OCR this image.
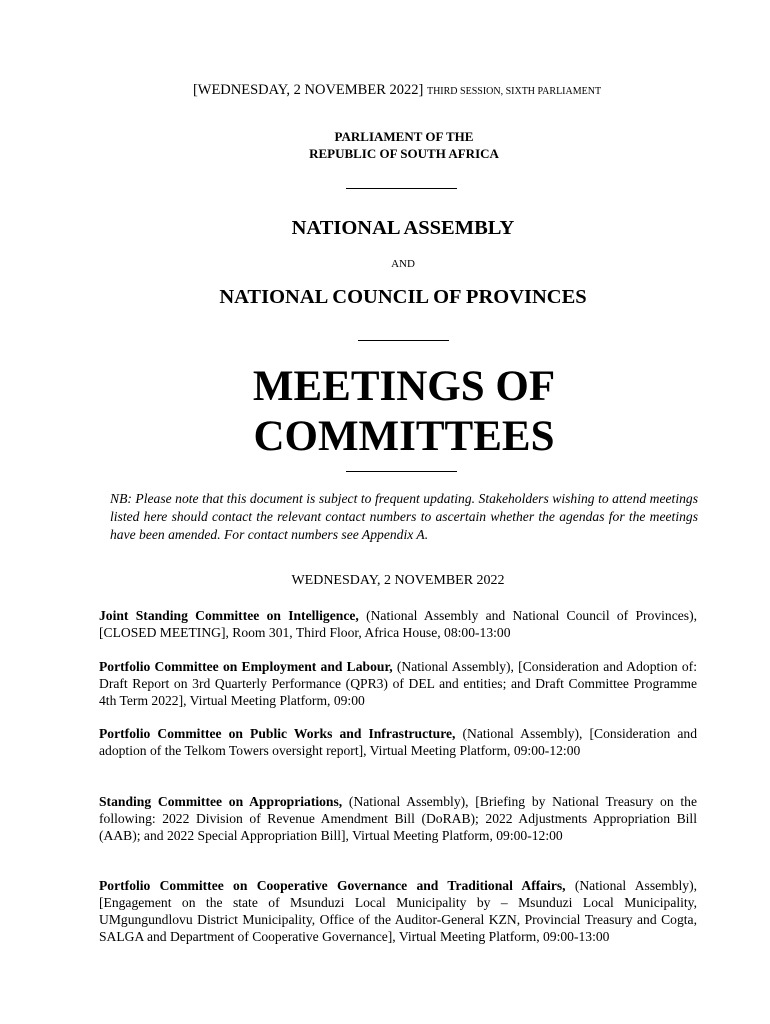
[WEDNESDAY, 2 NOVEMBER 2022] THIRD SESSION, SIXTH PARLIAMENT
PARLIAMENT OF THE
REPUBLIC OF SOUTH AFRICA
NATIONAL ASSEMBLY
AND
NATIONAL COUNCIL OF PROVINCES
MEETINGS OF
COMMITTEES
NB: Please note that this document is subject to frequent updating. Stakeholders wishing to attend meetings listed here should contact the relevant contact numbers to ascertain whether the agendas for the meetings have been amended. For contact numbers see Appendix A.
WEDNESDAY, 2 NOVEMBER 2022
Joint Standing Committee on Intelligence, (National Assembly and National Council of Provinces), [CLOSED MEETING], Room 301, Third Floor, Africa House, 08:00-13:00
Portfolio Committee on Employment and Labour, (National Assembly), [Consideration and Adoption of: Draft Report on 3rd Quarterly Performance (QPR3) of DEL and entities; and Draft Committee Programme 4th Term 2022], Virtual Meeting Platform, 09:00
Portfolio Committee on Public Works and Infrastructure, (National Assembly), [Consideration and adoption of the Telkom Towers oversight report], Virtual Meeting Platform, 09:00-12:00
Standing Committee on Appropriations, (National Assembly), [Briefing by National Treasury on the following: 2022 Division of Revenue Amendment Bill (DoRAB); 2022 Adjustments Appropriation Bill (AAB); and 2022 Special Appropriation Bill], Virtual Meeting Platform, 09:00-12:00
Portfolio Committee on Cooperative Governance and Traditional Affairs, (National Assembly), [Engagement on the state of Msunduzi Local Municipality by – Msunduzi Local Municipality, UMgungundlovu District Municipality, Office of the Auditor-General KZN, Provincial Treasury and Cogta, SALGA and Department of Cooperative Governance], Virtual Meeting Platform, 09:00-13:00
